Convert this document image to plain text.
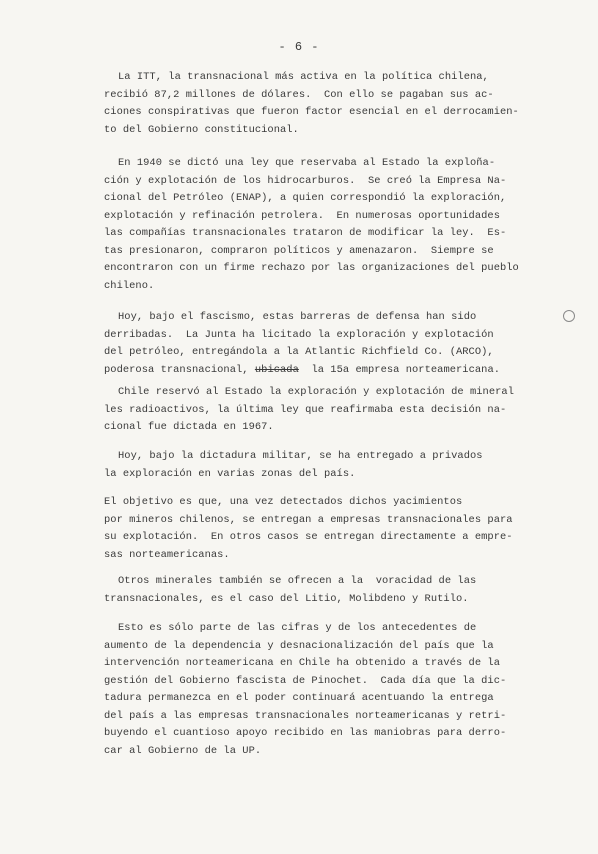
- 6 -
La ITT, la transnacional más activa en la política chilena,
recibió 87,2 millones de dólares.  Con ello se pagaban sus ac-
ciones conspirativas que fueron factor esencial en el derrocamien-
to del Gobierno constitucional.
En 1940 se dictó una ley que reservaba al Estado la exploña-
ción y explotación de los hidrocarburos.  Se creó la Empresa Na-
cional del Petróleo (ENAP), a quien correspondió la exploración,
explotación y refinación petrolera.  En numerosas oportunidades
las compañías transnacionales trataron de modificar la ley.  Es-
tas presionaron, compraron políticos y amenazaron.  Siempre se
encontraron con un firme rechazo por las organizaciones del pueblo
chileno.
Hoy, bajo el fascismo, estas barreras de defensa han sido
derribadas.  La Junta ha licitado la exploración y explotación
del petróleo, entregándola a la Atlantic Richfield Co. (ARCO),
poderosa transnacional, ubicada la 15a empresa norteamericana.
Chile reservó al Estado la exploración y explotación de mineral
les radioactivos, la última ley que reafirmaba esta decisión na-
cional fue dictada en 1967.
Hoy, bajo la dictadura militar, se ha entregado a privados
la exploración en varias zonas del país.
El objetivo es que, una vez detectados dichos yacimientos
por mineros chilenos, se entregan a empresas transnacionales para
su explotación.  En otros casos se entregan directamente a empre-
sas norteamericanas.
Otros minerales también se ofrecen a la  voracidad de las
transnacionales, es el caso del Litio, Molibdeno y Rutilo.
Esto es sólo parte de las cifras y de los antecedentes de
aumento de la dependencia y desnacionalización del país que la
intervención norteamericana en Chile ha obtenido a través de la
gestión del Gobierno fascista de Pinochet.  Cada día que la dic-
tadura permanezca en el poder continuará acentuando la entrega
del país a las empresas transnacionales norteamericanas y retri-
buyendo el cuantioso apoyo recibido en las maniobras para derro-
car al Gobierno de la UP.
